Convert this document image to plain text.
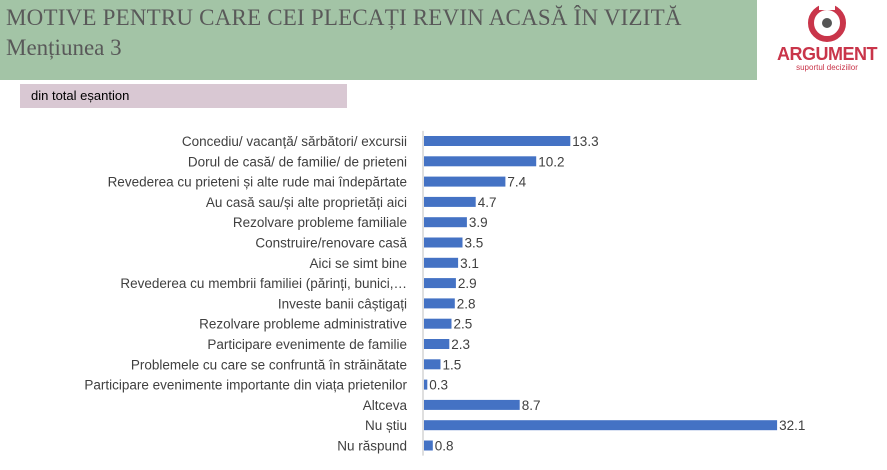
MOTIVE PENTRU CARE CEI PLECAȚI REVIN ACASĂ ÎN VIZITĂ
Mențiunea 3	ARGUMENT
suportul deciziilor
din total eșantion
Concediu/ vacanță/ sărbători/ excursii	13.3
Dorul de casă/ de familie/ de prieteni	10.2
Revederea cu prieteni și alte rude mai îndepărtate	7.4
Au casă sau/și alte proprietăți aici	4.7
Rezolvare probleme familiale	3.9
Construire/renovare casă	3.5
Aici se simt bine	3.1
Revederea cu membrii familiei (părinți, bunici,…	2.9
Investe banii câștigați	2.8
Rezolvare probleme administrative	2.5
Participare evenimente de familie	2.3
Problemele cu care se confruntă în străinătate	1.5
Participare evenimente importante din viața prietenilor 0.3
Altceva	8.7
Nu știu	32.1
Nu răspund 0.8
